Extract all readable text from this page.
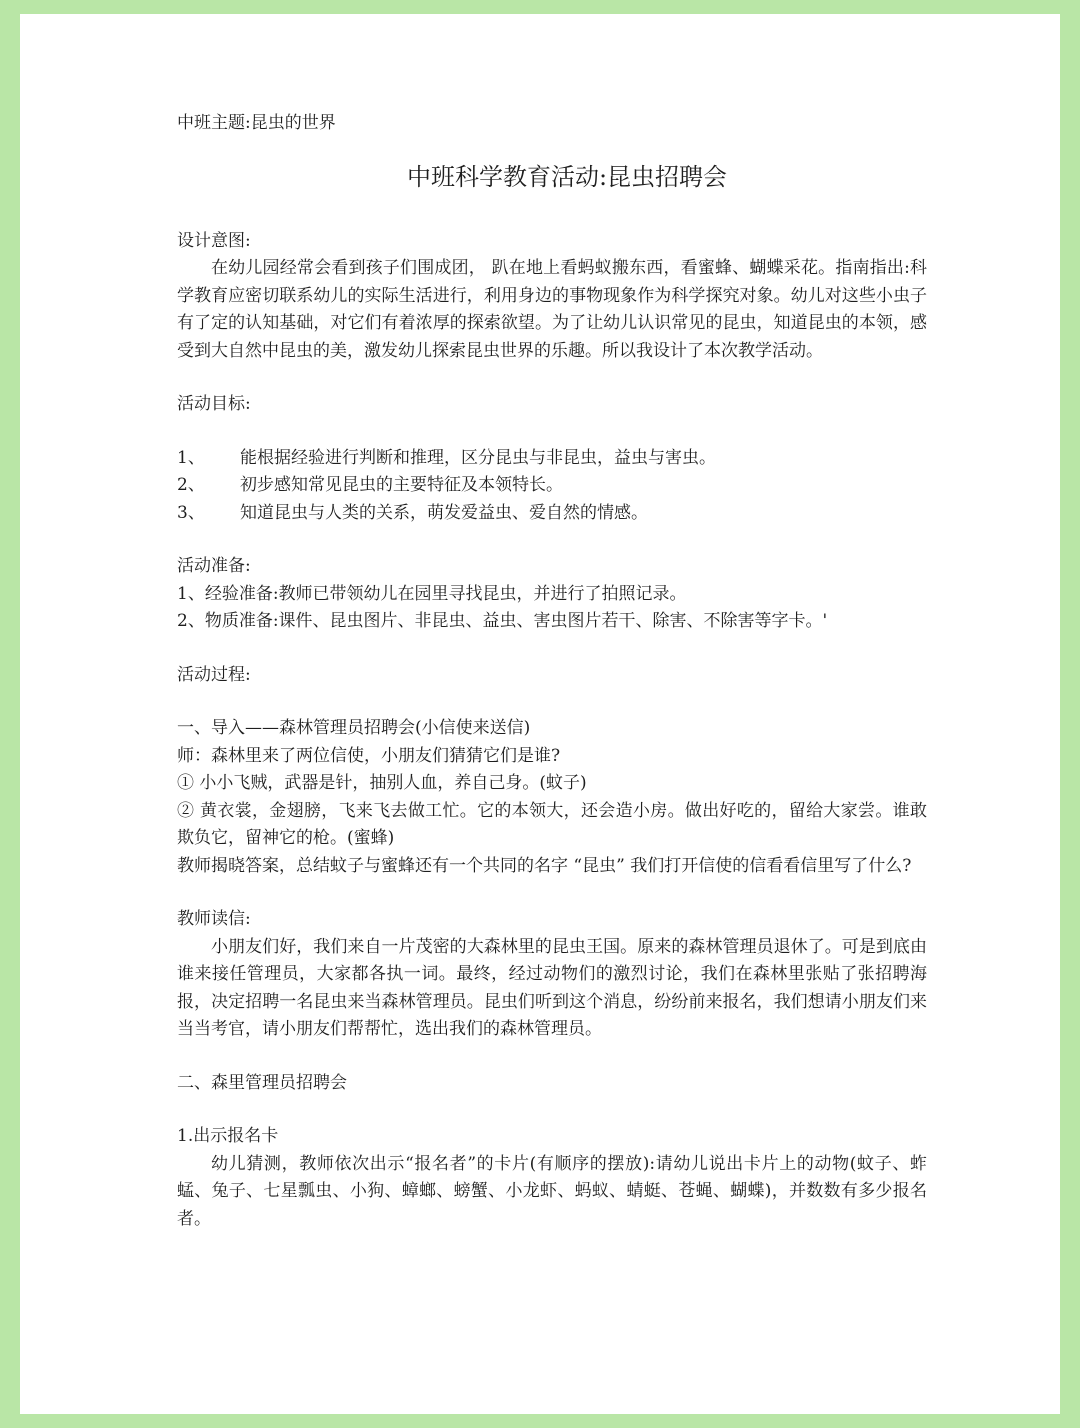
中班主题:昆虫的世界

中班科学教育活动:昆虫招聘会

设计意图:

在幼儿园经常会看到孩子们围成团， 趴在地上看蚂蚁搬东西，看蜜蜂、蝴蝶采花。指南指出:科学教育应密切联系幼儿的实际生活进行，利用身边的事物现象作为科学探究对象。幼儿对这些小虫子有了定的认知基础，对它们有着浓厚的探索欲望。为了让幼儿认识常见的昆虫，知道昆虫的本领，感受到大自然中昆虫的美，激发幼儿探索昆虫世界的乐趣。所以我设计了本次教学活动。

活动目标:

1、	能根据经验进行判断和推理，区分昆虫与非昆虫，益虫与害虫。
2、	初步感知常见昆虫的主要特征及本领特长。
3、	知道昆虫与人类的关系，萌发爱益虫、爱自然的情感。

活动准备:

1、经验准备:教师已带领幼儿在园里寻找昆虫，并进行了拍照记录。

2、物质准备:课件、昆虫图片、非昆虫、益虫、害虫图片若干、除害、不除害等字卡。'

活动过程:

一、导入——森林管理员招聘会(小信使来送信)

师：森林里来了两位信使，小朋友们猜猜它们是谁?

① 小小飞贼，武器是针，抽别人血，养自己身。(蚊子)

② 黄衣裳，金翅膀，飞来飞去做工忙。它的本领大，还会造小房。做出好吃的，留给大家尝。谁敢欺负它，留神它的枪。(蜜蜂)

教师揭晓答案，总结蚊子与蜜蜂还有一个共同的名字 “昆虫” 我们打开信使的信看看信里写了什么?

教师读信:

小朋友们好，我们来自一片茂密的大森林里的昆虫王国。原来的森林管理员退休了。可是到底由谁来接任管理员，大家都各执一词。最终，经过动物们的激烈讨论，我们在森林里张贴了张招聘海报，决定招聘一名昆虫来当森林管理员。昆虫们听到这个消息，纷纷前来报名，我们想请小朋友们来当当考官，请小朋友们帮帮忙，选出我们的森林管理员。

二、森里管理员招聘会

1.出示报名卡

幼儿猜测，教师依次出示“报名者”的卡片(有顺序的摆放):请幼儿说出卡片上的动物(蚊子、蚱蜢、兔子、七星瓢虫、小狗、蟑螂、螃蟹、小龙虾、蚂蚁、蜻蜓、苍蝇、蝴蝶)，并数数有多少报名者。
